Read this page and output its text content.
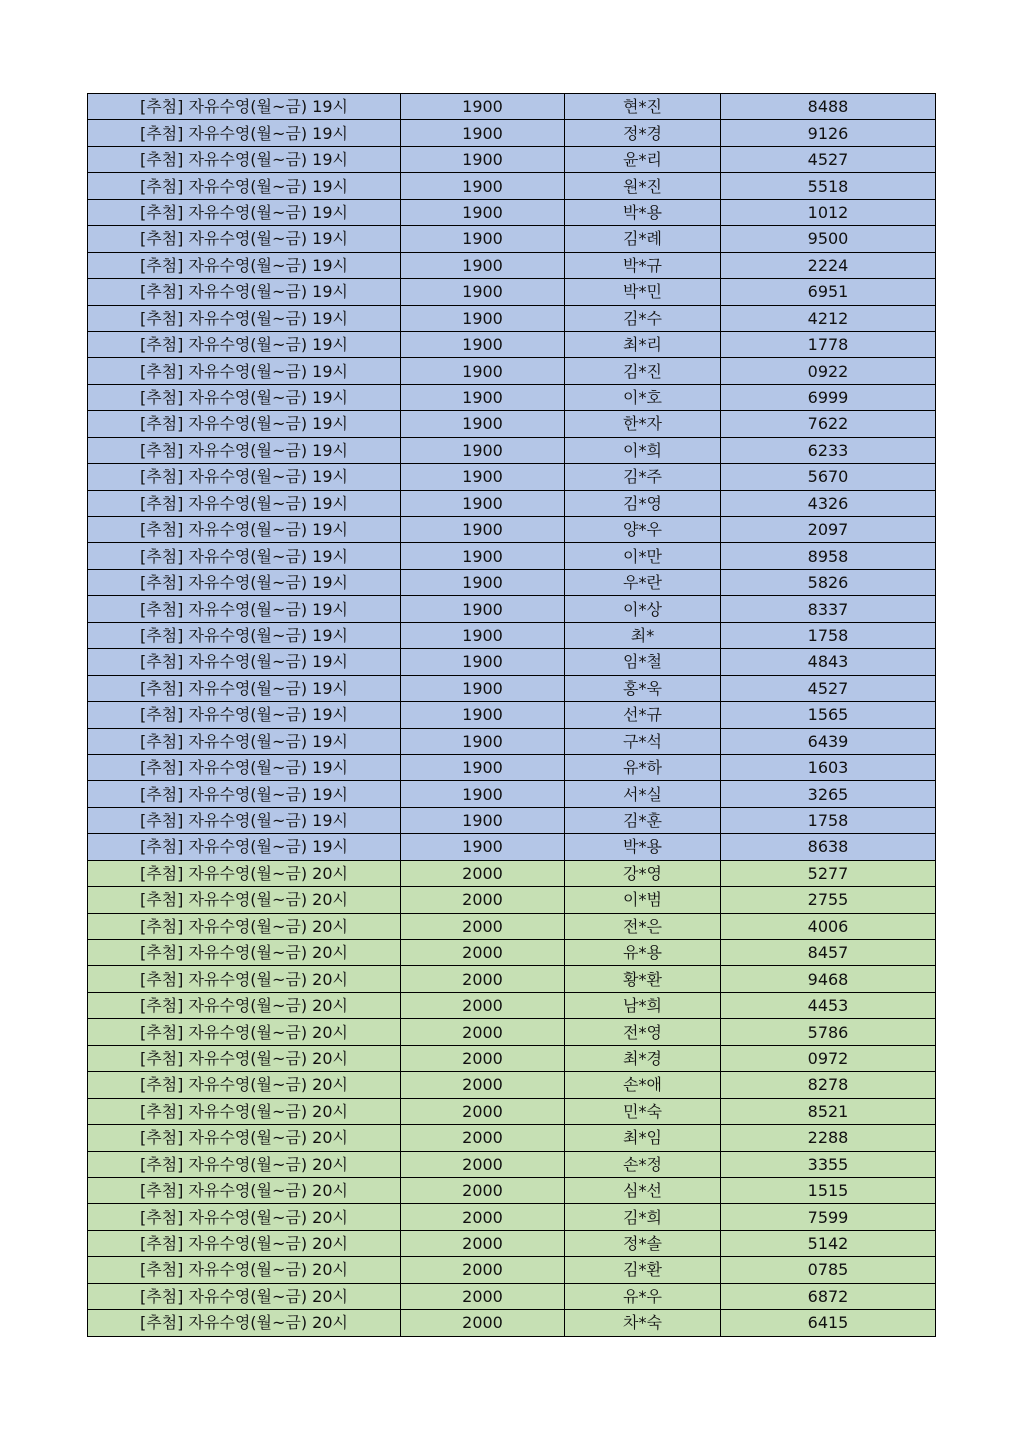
[추첨] 자유수영(월~금) 19시	1900	현*진	8488
[추첨] 자유수영(월~금) 19시	1900	정*경	9126
[추첨] 자유수영(월~금) 19시	1900	윤*리	4527
[추첨] 자유수영(월~금) 19시	1900	원*진	5518
[추첨] 자유수영(월~금) 19시	1900	박*용	1012
[추첨] 자유수영(월~금) 19시	1900	김*례	9500
[추첨] 자유수영(월~금) 19시	1900	박*규	2224
[추첨] 자유수영(월~금) 19시	1900	박*민	6951
[추첨] 자유수영(월~금) 19시	1900	김*수	4212
[추첨] 자유수영(월~금) 19시	1900	최*리	1778
[추첨] 자유수영(월~금) 19시	1900	김*진	0922
[추첨] 자유수영(월~금) 19시	1900	이*호	6999
[추첨] 자유수영(월~금) 19시	1900	한*자	7622
[추첨] 자유수영(월~금) 19시	1900	이*희	6233
[추첨] 자유수영(월~금) 19시	1900	김*주	5670
[추첨] 자유수영(월~금) 19시	1900	김*영	4326
[추첨] 자유수영(월~금) 19시	1900	양*우	2097
[추첨] 자유수영(월~금) 19시	1900	이*만	8958
[추첨] 자유수영(월~금) 19시	1900	우*란	5826
[추첨] 자유수영(월~금) 19시	1900	이*상	8337
[추첨] 자유수영(월~금) 19시	1900	최*	1758
[추첨] 자유수영(월~금) 19시	1900	임*철	4843
[추첨] 자유수영(월~금) 19시	1900	홍*욱	4527
[추첨] 자유수영(월~금) 19시	1900	선*규	1565
[추첨] 자유수영(월~금) 19시	1900	구*석	6439
[추첨] 자유수영(월~금) 19시	1900	유*하	1603
[추첨] 자유수영(월~금) 19시	1900	서*실	3265
[추첨] 자유수영(월~금) 19시	1900	김*훈	1758
[추첨] 자유수영(월~금) 19시	1900	박*용	8638
[추첨] 자유수영(월~금) 20시	2000	강*영	5277
[추첨] 자유수영(월~금) 20시	2000	이*범	2755
[추첨] 자유수영(월~금) 20시	2000	전*은	4006
[추첨] 자유수영(월~금) 20시	2000	유*용	8457
[추첨] 자유수영(월~금) 20시	2000	황*환	9468
[추첨] 자유수영(월~금) 20시	2000	남*희	4453
[추첨] 자유수영(월~금) 20시	2000	전*영	5786
[추첨] 자유수영(월~금) 20시	2000	최*경	0972
[추첨] 자유수영(월~금) 20시	2000	손*애	8278
[추첨] 자유수영(월~금) 20시	2000	민*숙	8521
[추첨] 자유수영(월~금) 20시	2000	최*임	2288
[추첨] 자유수영(월~금) 20시	2000	손*정	3355
[추첨] 자유수영(월~금) 20시	2000	심*선	1515
[추첨] 자유수영(월~금) 20시	2000	김*희	7599
[추첨] 자유수영(월~금) 20시	2000	정*솔	5142
[추첨] 자유수영(월~금) 20시	2000	김*환	0785
[추첨] 자유수영(월~금) 20시	2000	유*우	6872
[추첨] 자유수영(월~금) 20시	2000	차*숙	6415
